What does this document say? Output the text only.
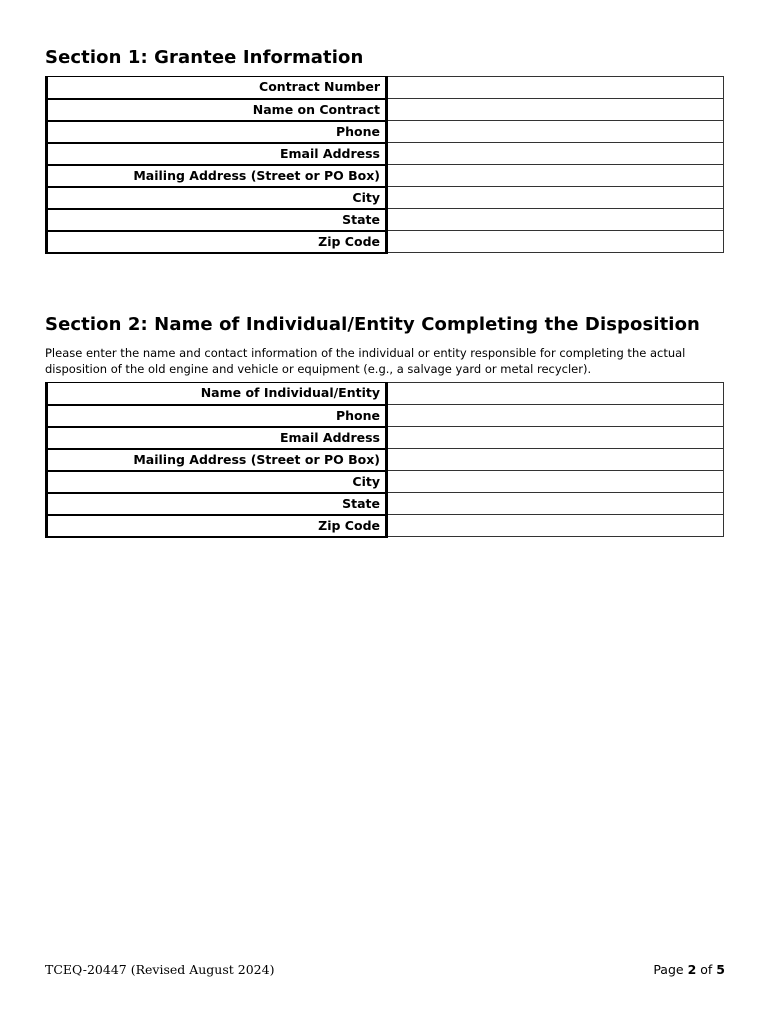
Section 1: Grantee Information
Contract Number	
Name on Contract	
Phone	
Email Address	
Mailing Address (Street or PO Box)	
City	
State	
Zip Code	
Section 2: Name of Individual/Entity Completing the Disposition

Please enter the name and contact information of the individual or entity responsible for completing the actual disposition of the old engine and vehicle or equipment (e.g., a salvage yard or metal recycler).

Name of Individual/Entity	
Phone	
Email Address	
Mailing Address (Street or PO Box)	
City	
State	
Zip Code	

TCEQ-20447 (Revised August 2024)	Page 2 of 5
